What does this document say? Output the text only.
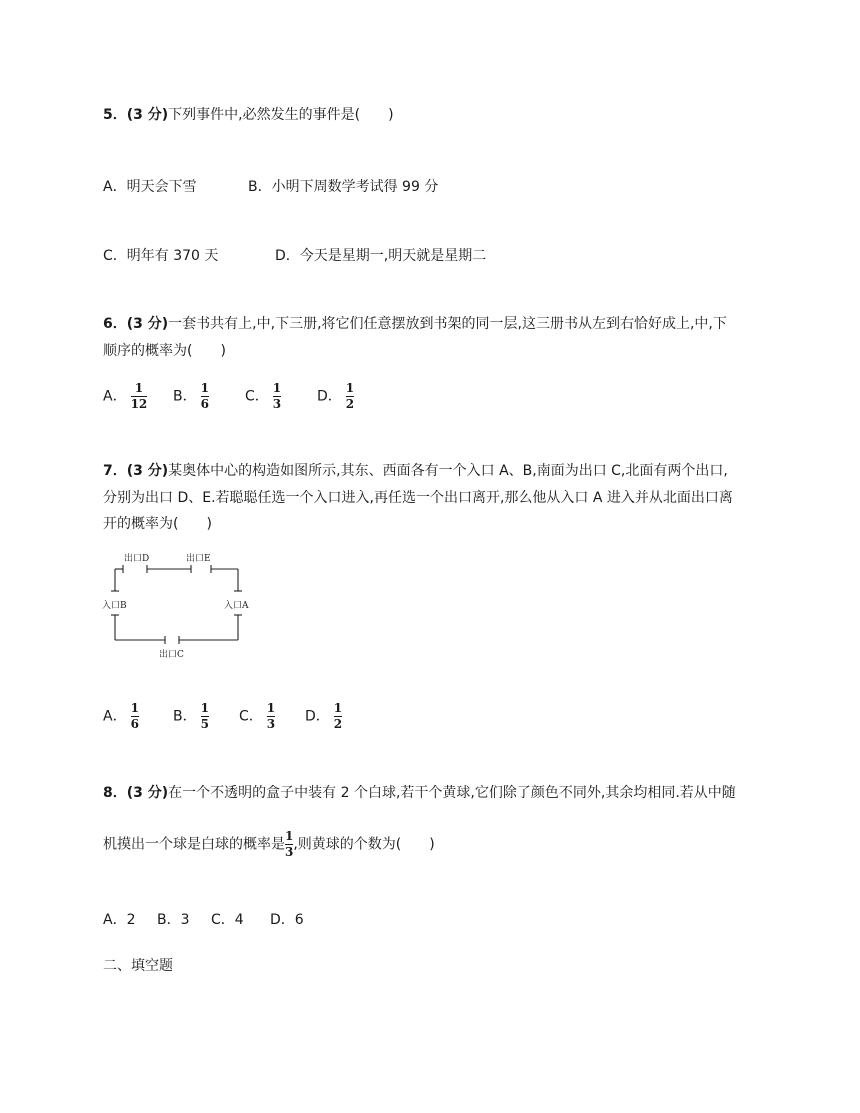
5．(3 分)下列事件中,必然发生的事件是(　　)
A．明天会下雪	B．小明下周数学考试得 99 分
C．明年有 370 天	D．今天是星期一,明天就是星期二
6．(3 分)一套书共有上,中,下三册,将它们任意摆放到书架的同一层,这三册书从左到右恰好成上,中,下
顺序的概率为(　　)
A． $\frac{1}{12}$ B． $\frac{1}{6}$	C． $\frac{1}{3}$	D． $\frac{1}{2}$
7．(3 分)某奥体中心的构造如图所示,其东、西面各有一个入口 A、B,南面为出口 C,北面有两个出口,
分别为出口 D、E.若聪聪任选一个入口进入,再任选一个出口离开,那么他从入口 A 进入并从北面出口离
开的概率为(　　)
出口D	出口E
入口B	入口A
出口C
A． $\frac{1}{6}$ B． $\frac{1}{5}$ C． $\frac{1}{3}$ D． $\frac{1}{2}$
8．(3 分)在一个不透明的盒子中装有 2 个白球,若干个黄球,它们除了颜色不同外,其余均相同.若从中随
机摸出一个球是白球的概率是 $\frac{1}{3}$ ,则黄球的个数为(　　)
A．2 B．3 C．4 D．6
二、填空题
